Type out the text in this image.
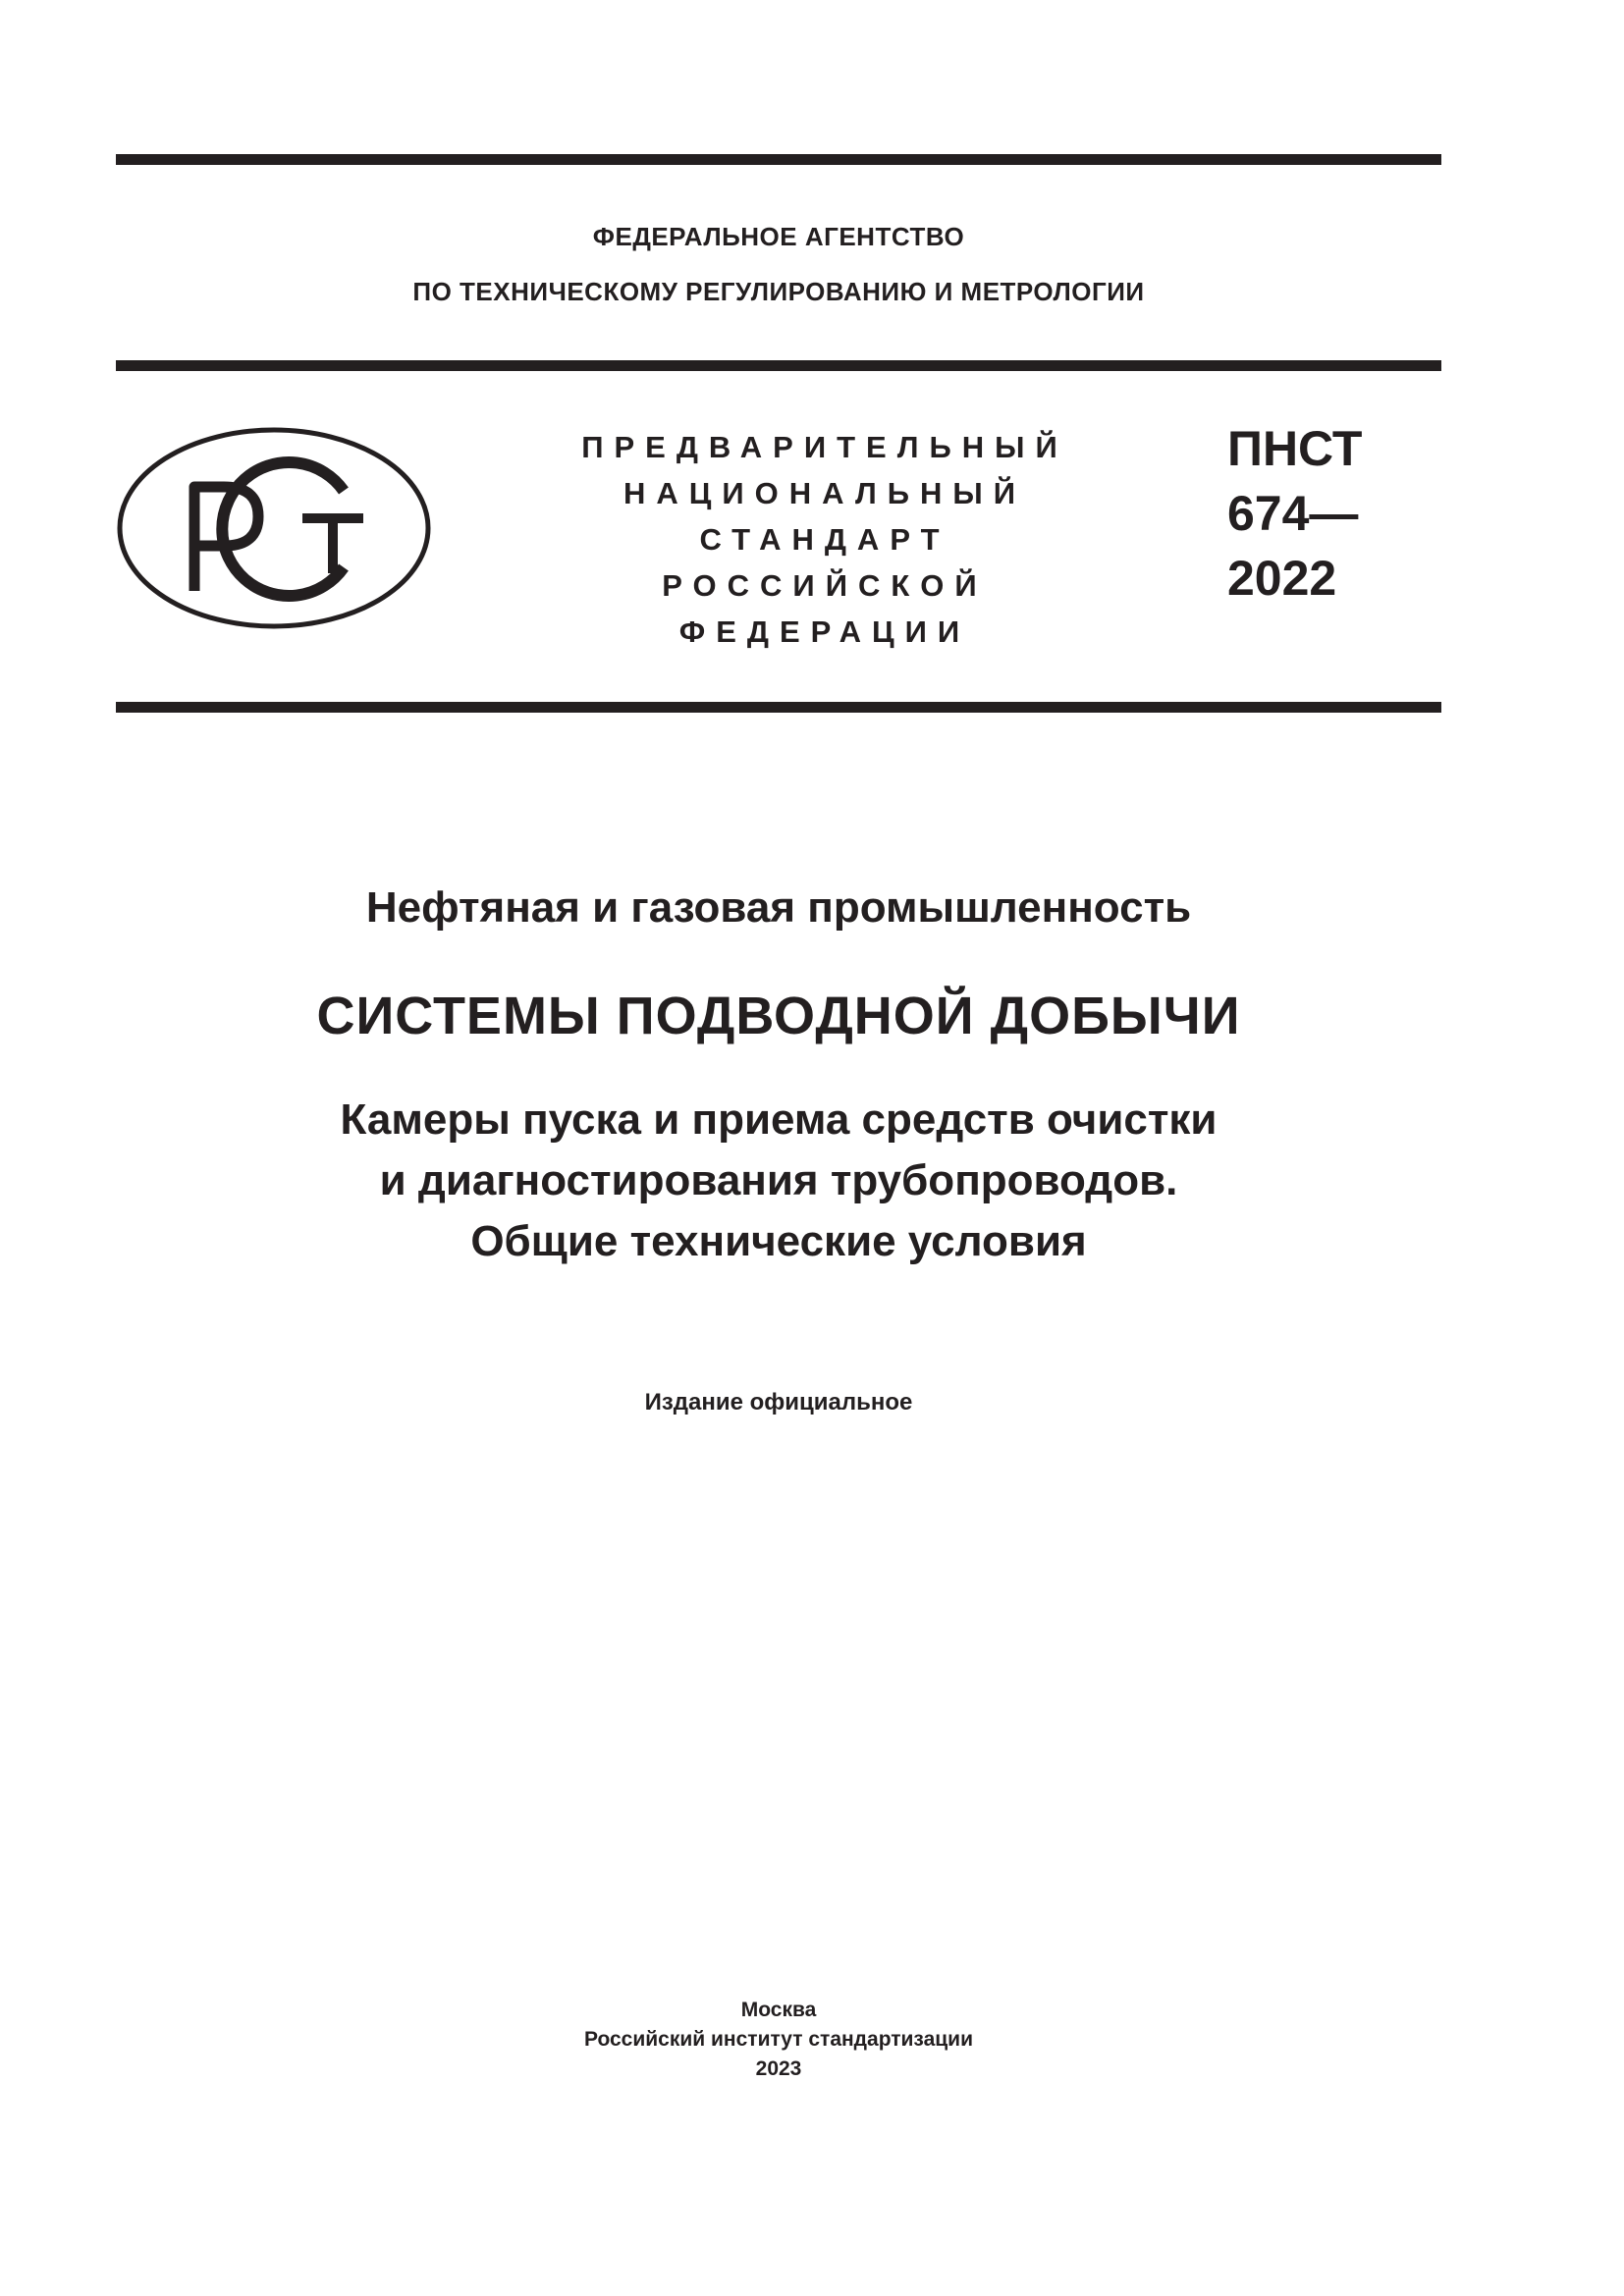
ФЕДЕРАЛЬНОЕ АГЕНТСТВО
ПО ТЕХНИЧЕСКОМУ РЕГУЛИРОВАНИЮ И МЕТРОЛОГИИ
ПРЕДВАРИТЕЛЬНЫЙ
НАЦИОНАЛЬНЫЙ
СТАНДАРТ
РОССИЙСКОЙ
ФЕДЕРАЦИИ
ПНСТ
674—
2022
Нефтяная и газовая промышленность
СИСТЕМЫ ПОДВОДНОЙ ДОБЫЧИ
Камеры пуска и приема средств очистки
и диагностирования трубопроводов.
Общие технические условия
Издание официальное
Москва
Российский институт стандартизации
2023
